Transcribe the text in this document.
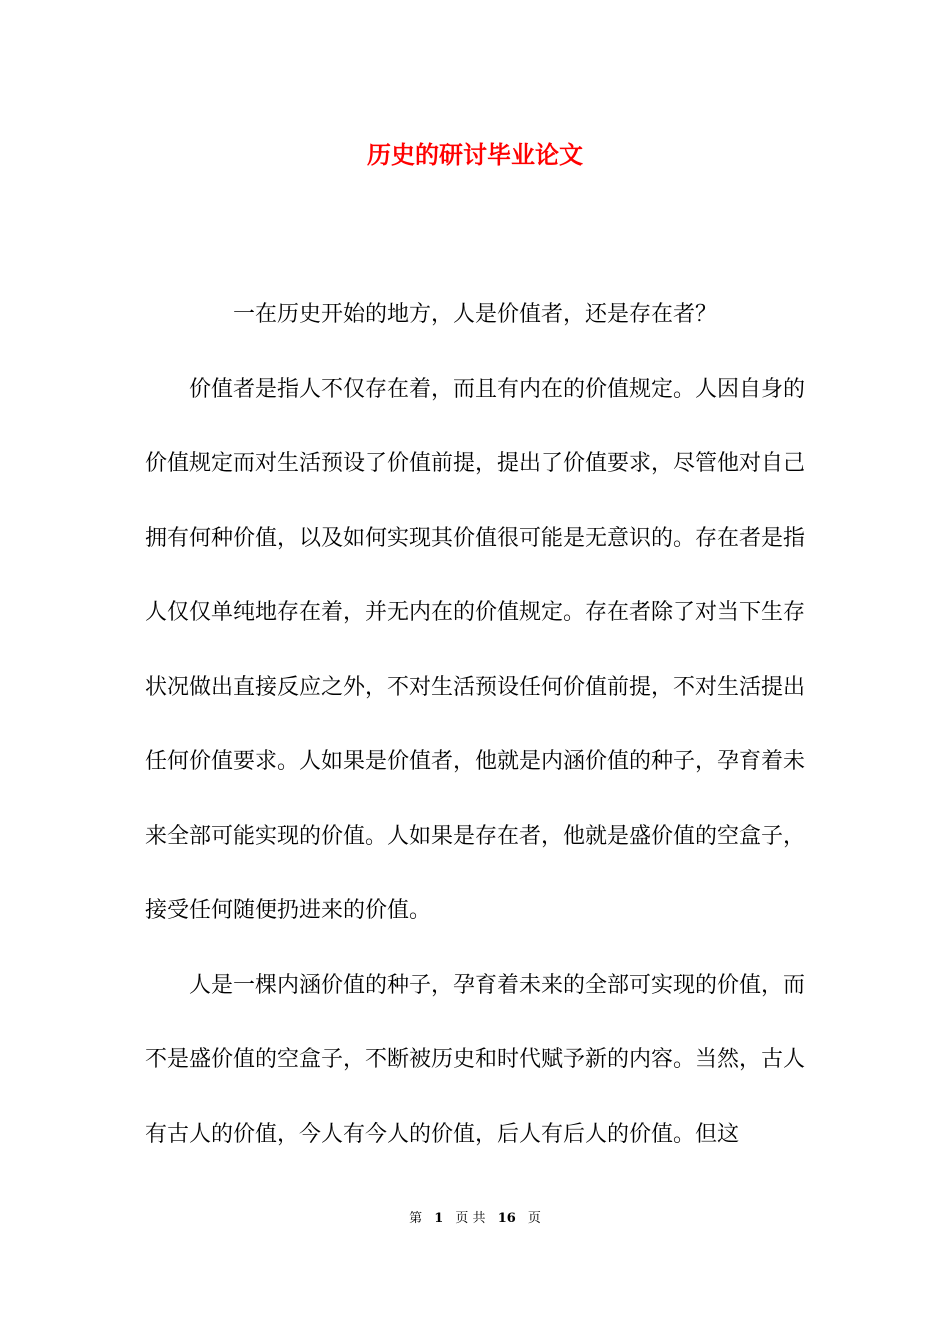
历史的研讨毕业论文

一在历史开始的地方，人是价值者，还是存在者？

价值者是指人不仅存在着，而且有内在的价值规定。人因自身的价值规定而对生活预设了价值前提，提出了价值要求，尽管他对自己拥有何种价值，以及如何实现其价值很可能是无意识的。存在者是指人仅仅单纯地存在着，并无内在的价值规定。存在者除了对当下生存状况做出直接反应之外，不对生活预设任何价值前提，不对生活提出任何价值要求。人如果是价值者，他就是内涵价值的种子，孕育着未来全部可能实现的价值。人如果是存在者，他就是盛价值的空盒子，接受任何随便扔进来的价值。

人是一棵内涵价值的种子，孕育着未来的全部可实现的价值，而不是盛价值的空盒子，不断被历史和时代赋予新的内容。当然，古人有古人的价值，今人有今人的价值，后人有后人的价值。但这

第 1 页 共 16 页
